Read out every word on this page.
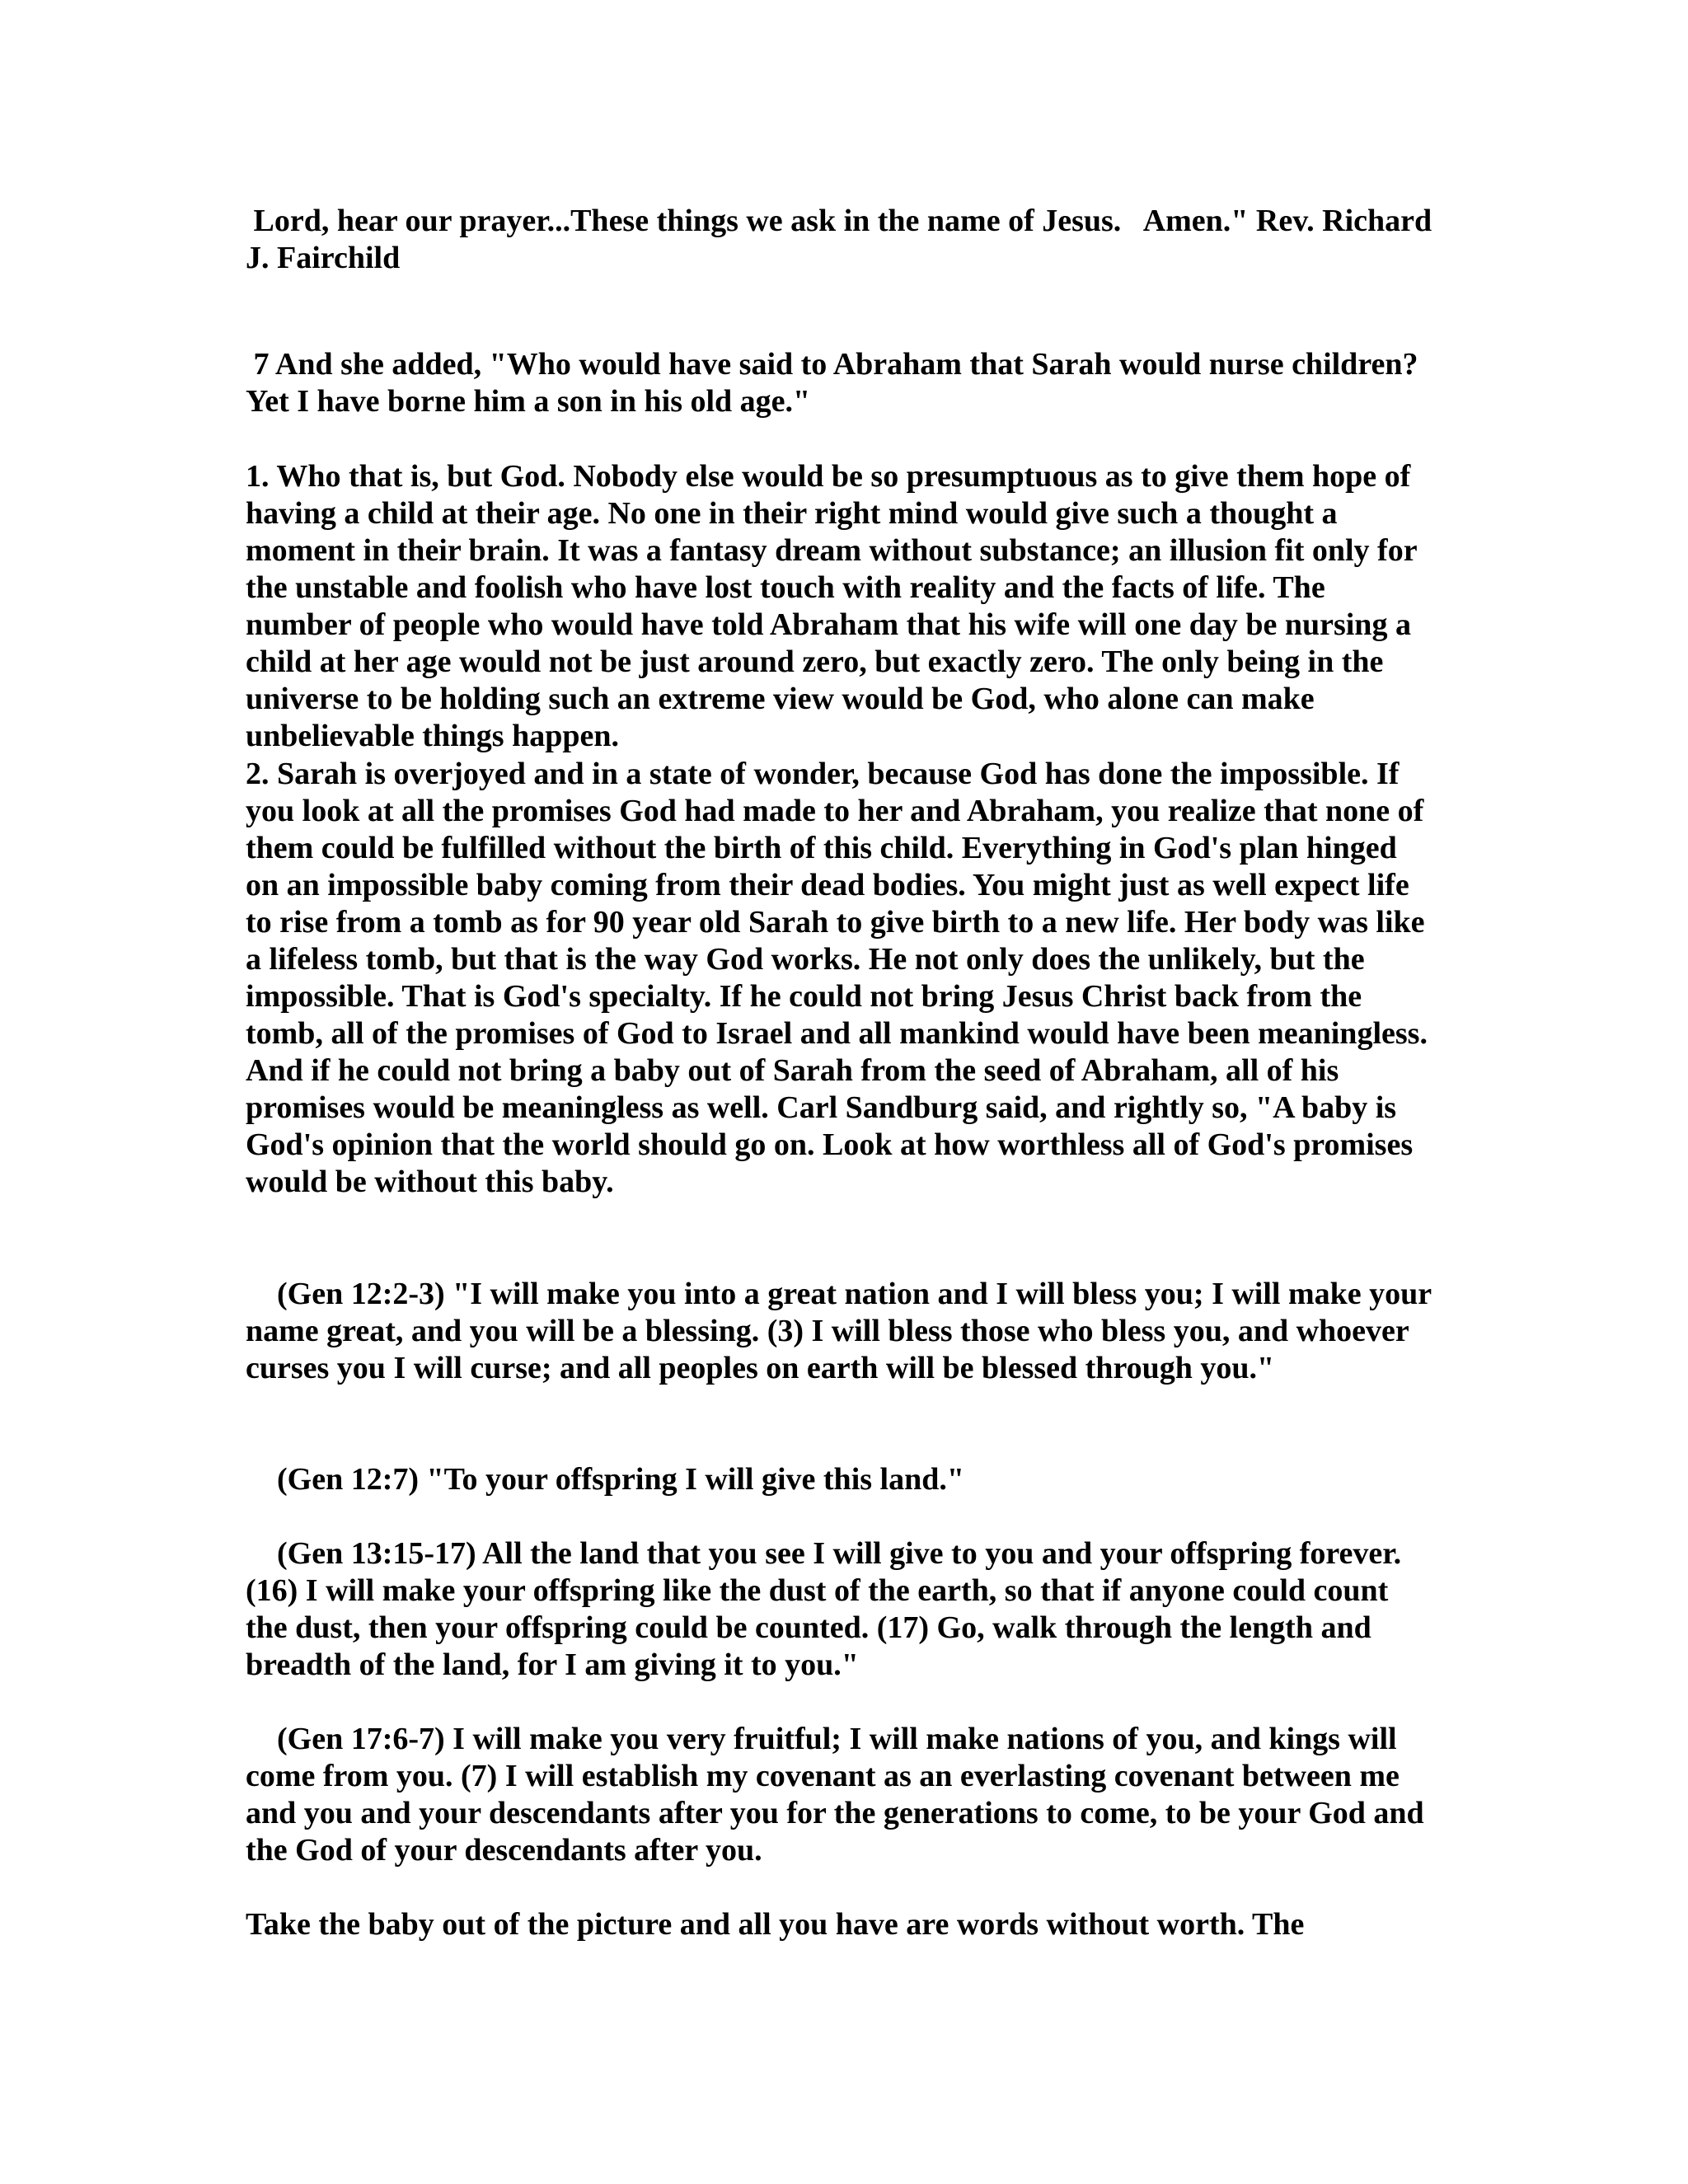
Lord, hear our prayer...These things we ask in the name of Jesus.   Amen." Rev. Richard J. Fairchild

7 And she added, "Who would have said to Abraham that Sarah would nurse children? Yet I have borne him a son in his old age."

1. Who that is, but God. Nobody else would be so presumptuous as to give them hope of having a child at their age. No one in their right mind would give such a thought a moment in their brain. It was a fantasy dream without substance; an illusion fit only for the unstable and foolish who have lost touch with reality and the facts of life. The number of people who would have told Abraham that his wife will one day be nursing a child at her age would not be just around zero, but exactly zero. The only being in the universe to be holding such an extreme view would be God, who alone can make unbelievable things happen.

2. Sarah is overjoyed and in a state of wonder, because God has done the impossible. If you look at all the promises God had made to her and Abraham, you realize that none of them could be fulfilled without the birth of this child. Everything in God's plan hinged on an impossible baby coming from their dead bodies. You might just as well expect life to rise from a tomb as for 90 year old Sarah to give birth to a new life. Her body was like a lifeless tomb, but that is the way God works. He not only does the unlikely, but the impossible. That is God's specialty. If he could not bring Jesus Christ back from the tomb, all of the promises of God to Israel and all mankind would have been meaningless. And if he could not bring a baby out of Sarah from the seed of Abraham, all of his promises would be meaningless as well. Carl Sandburg said, and rightly so, "A baby is God's opinion that the world should go on. Look at how worthless all of God's promises would be without this baby.

(Gen 12:2-3) "I will make you into a great nation and I will bless you; I will make your name great, and you will be a blessing. (3) I will bless those who bless you, and whoever curses you I will curse; and all peoples on earth will be blessed through you."

(Gen 12:7) "To your offspring I will give this land."

(Gen 13:15-17) All the land that you see I will give to you and your offspring forever. (16) I will make your offspring like the dust of the earth, so that if anyone could count the dust, then your offspring could be counted. (17) Go, walk through the length and breadth of the land, for I am giving it to you."

(Gen 17:6-7) I will make you very fruitful; I will make nations of you, and kings will come from you. (7) I will establish my covenant as an everlasting covenant between me and you and your descendants after you for the generations to come, to be your God and the God of your descendants after you.

Take the baby out of the picture and all you have are words without worth. The
